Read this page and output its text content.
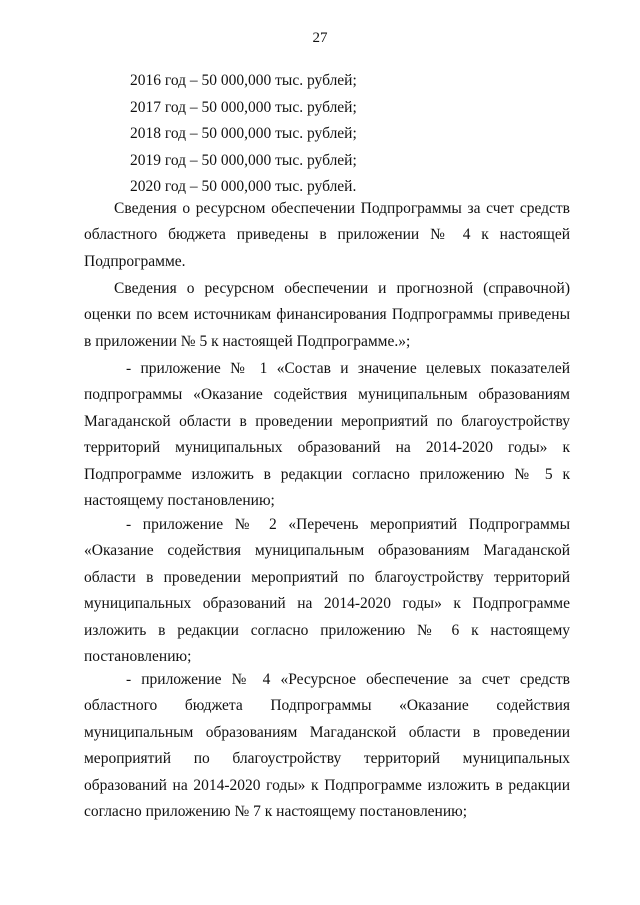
27
2016 год – 50 000,000 тыс. рублей;
2017 год – 50 000,000 тыс. рублей;
2018 год – 50 000,000 тыс. рублей;
2019 год – 50 000,000 тыс. рублей;
2020 год – 50 000,000 тыс. рублей.

Сведения о ресурсном обеспечении Подпрограммы за счет средств областного бюджета приведены в приложении № 4 к настоящей Подпрограмме.

Сведения о ресурсном обеспечении и прогнозной (справочной) оценки по всем источникам финансирования Подпрограммы приведены в приложении № 5 к настоящей Подпрограмме.»;

- приложение № 1 «Состав и значение целевых показателей подпрограммы «Оказание содействия муниципальным образованиям Магаданской области в проведении мероприятий по благоустройству территорий муниципальных образований на 2014-2020 годы» к Подпрограмме изложить в редакции согласно приложению № 5 к настоящему постановлению;

- приложение № 2 «Перечень мероприятий Подпрограммы «Оказание содействия муниципальным образованиям Магаданской области в проведении мероприятий по благоустройству территорий муниципальных образований на 2014-2020 годы» к Подпрограмме изложить в редакции согласно приложению № 6 к настоящему постановлению;

- приложение № 4 «Ресурсное обеспечение за счет средств областного бюджета Подпрограммы «Оказание содействия муниципальным образованиям Магаданской области в проведении мероприятий по благоустройству территорий муниципальных образований на 2014-2020 годы» к Подпрограмме изложить в редакции согласно приложению № 7 к настоящему постановлению;
